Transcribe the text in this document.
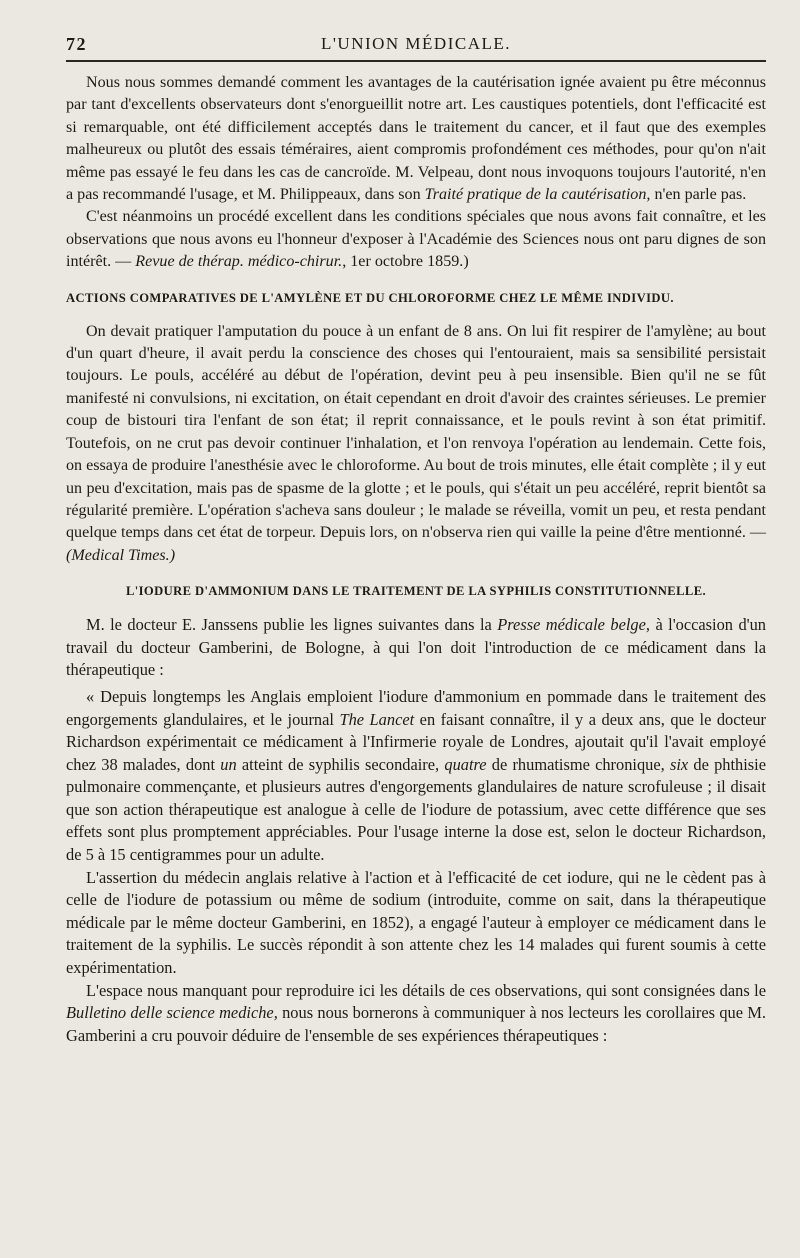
72	L'UNION MÉDICALE.

Nous nous sommes demandé comment les avantages de la cautérisation ignée avaient pu être méconnus par tant d'excellents observateurs dont s'enorgueillit notre art. Les caustiques potentiels, dont l'efficacité est si remarquable, ont été difficilement acceptés dans le traitement du cancer, et il faut que des exemples malheureux ou plutôt des essais téméraires, aient compromis profondément ces méthodes, pour qu'on n'ait même pas essayé le feu dans les cas de cancroïde. M. Velpeau, dont nous invoquons toujours l'autorité, n'en a pas recommandé l'usage, et M. Philippeaux, dans son Traité pratique de la cautérisation, n'en parle pas.

C'est néanmoins un procédé excellent dans les conditions spéciales que nous avons fait connaître, et les observations que nous avons eu l'honneur d'exposer à l'Académie des Sciences nous ont paru dignes de son intérêt. — Revue de thérap. médico-chirur., 1er octobre 1859.)

ACTIONS COMPARATIVES DE L'AMYLÈNE ET DU CHLOROFORME CHEZ LE MÊME INDIVIDU.

On devait pratiquer l'amputation du pouce à un enfant de 8 ans. On lui fit respirer de l'amylène; au bout d'un quart d'heure, il avait perdu la conscience des choses qui l'entouraient, mais sa sensibilité persistait toujours. Le pouls, accéléré au début de l'opération, devint peu à peu insensible. Bien qu'il ne se fût manifesté ni convulsions, ni excitation, on était cependant en droit d'avoir des craintes sérieuses. Le premier coup de bistouri tira l'enfant de son état; il reprit connaissance, et le pouls revint à son état primitif. Toutefois, on ne crut pas devoir continuer l'inhalation, et l'on renvoya l'opération au lendemain. Cette fois, on essaya de produire l'anesthésie avec le chloroforme. Au bout de trois minutes, elle était complète ; il y eut un peu d'excitation, mais pas de spasme de la glotte ; et le pouls, qui s'était un peu accéléré, reprit bientôt sa régularité première. L'opération s'acheva sans douleur ; le malade se réveilla, vomit un peu, et resta pendant quelque temps dans cet état de torpeur. Depuis lors, on n'observa rien qui vaille la peine d'être mentionné. — (Medical Times.)

L'IODURE D'AMMONIUM DANS LE TRAITEMENT DE LA SYPHILIS CONSTITUTIONNELLE.

M. le docteur E. Janssens publie les lignes suivantes dans la Presse médicale belge, à l'occasion d'un travail du docteur Gamberini, de Bologne, à qui l'on doit l'introduction de ce médicament dans la thérapeutique :

« Depuis longtemps les Anglais emploient l'iodure d'ammonium en pommade dans le traitement des engorgements glandulaires, et le journal The Lancet en faisant connaître, il y a deux ans, que le docteur Richardson expérimentait ce médicament à l'Infirmerie royale de Londres, ajoutait qu'il l'avait employé chez 38 malades, dont un atteint de syphilis secondaire, quatre de rhumatisme chronique, six de phthisie pulmonaire commençante, et plusieurs autres d'engorgements glandulaires de nature scrofuleuse ; il disait que son action thérapeutique est analogue à celle de l'iodure de potassium, avec cette différence que ses effets sont plus promptement appréciables. Pour l'usage interne la dose est, selon le docteur Richardson, de 5 à 15 centigrammes pour un adulte.

L'assertion du médecin anglais relative à l'action et à l'efficacité de cet iodure, qui ne le cèdent pas à celle de l'iodure de potassium ou même de sodium (introduite, comme on sait, dans la thérapeutique médicale par le même docteur Gamberini, en 1852), a engagé l'auteur à employer ce médicament dans le traitement de la syphilis. Le succès répondit à son attente chez les 14 malades qui furent soumis à cette expérimentation.

L'espace nous manquant pour reproduire ici les détails de ces observations, qui sont consignées dans le Bulletino delle science mediche, nous nous bornerons à communiquer à nos lecteurs les corollaires que M. Gamberini a cru pouvoir déduire de l'ensemble de ses expériences thérapeutiques :
